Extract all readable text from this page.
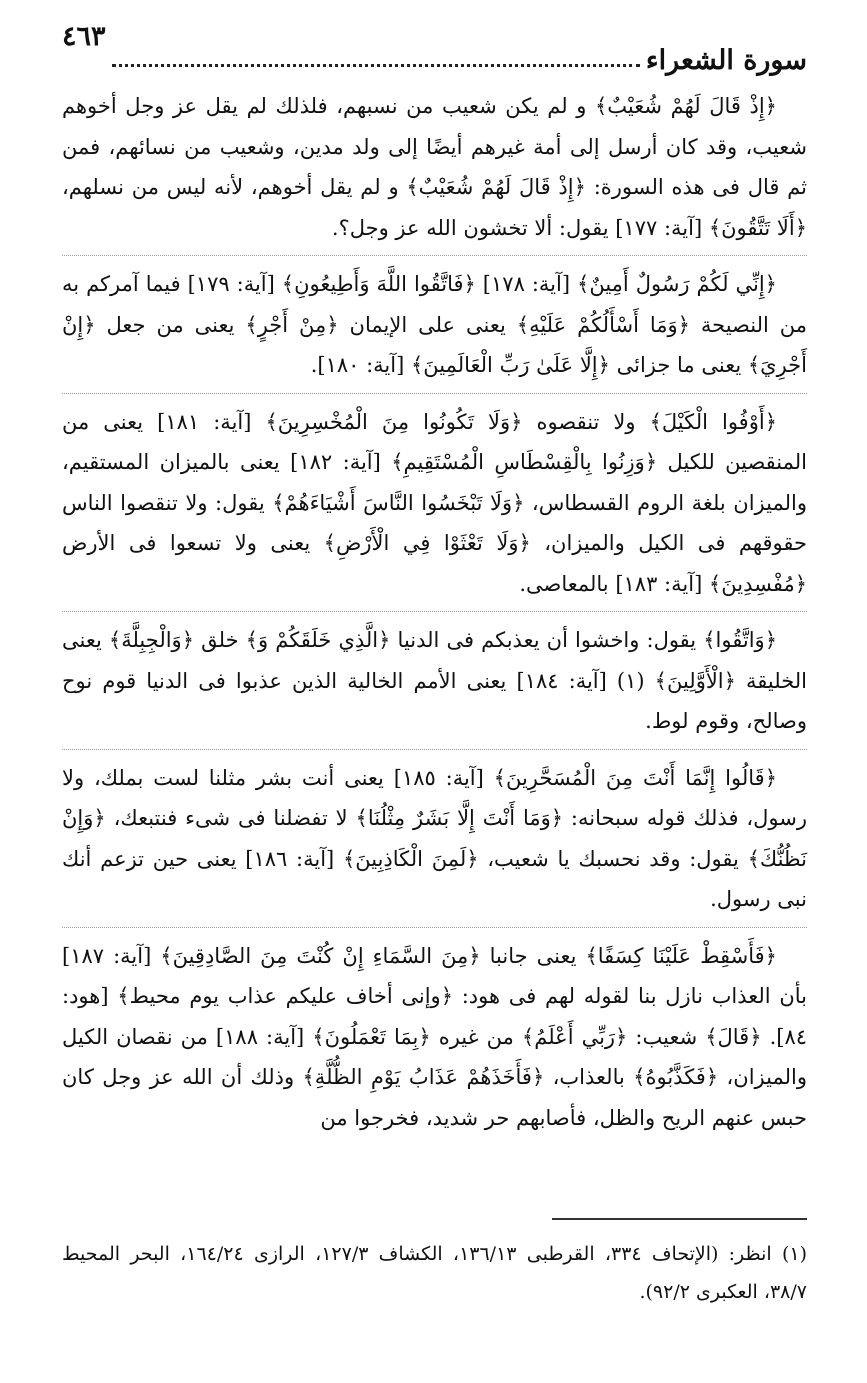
سورة الشعراء
٤٦٣

﴿إِذْ قَالَ لَهُمْ شُعَيْبٌ﴾ و لم يكن شعيب من نسبهم، فلذلك لم يقل عز وجل أخوهم شعيب، وقد كان أرسل إلى أمة غيرهم أيضًا إلى ولد مدين، وشعيب من نسائهم، فمن ثم قال فى هذه السورة: ﴿إِذْ قَالَ لَهُمْ شُعَيْبٌ﴾ و لم يقل أخوهم، لأنه ليس من نسلهم، ﴿أَلَا تَتَّقُونَ﴾ [آية: ١٧٧] يقول: ألا تخشون الله عز وجل؟.

﴿إِنِّي لَكُمْ رَسُولٌ أَمِينٌ﴾ [آية: ١٧٨] ﴿فَاتَّقُوا اللَّهَ وَأَطِيعُونِ﴾ [آية: ١٧٩] فيما آمركم به من النصيحة ﴿وَمَا أَسْأَلُكُمْ عَلَيْهِ﴾ يعنى على الإيمان ﴿مِنْ أَجْرٍ﴾ يعنى من جعل ﴿إِنْ أَجْرِيَ﴾ يعنى ما جزائى ﴿إِلَّا عَلَىٰ رَبِّ الْعَالَمِينَ﴾ [آية: ١٨٠].

﴿أَوْفُوا الْكَيْلَ﴾ ولا تنقصوه ﴿وَلَا تَكُونُوا مِنَ الْمُخْسِرِينَ﴾ [آية: ١٨١] يعنى من المنقصين للكيل ﴿وَزِنُوا بِالْقِسْطَاسِ الْمُسْتَقِيمِ﴾ [آية: ١٨٢] يعنى بالميزان المستقيم، والميزان بلغة الروم القسطاس، ﴿وَلَا تَبْخَسُوا النَّاسَ أَشْيَاءَهُمْ﴾ يقول: ولا تنقصوا الناس حقوقهم فى الكيل والميزان، ﴿وَلَا تَعْثَوْا فِي الْأَرْضِ﴾ يعنى ولا تسعوا فى الأرض ﴿مُفْسِدِينَ﴾ [آية: ١٨٣] بالمعاصى.

﴿وَاتَّقُوا﴾ يقول: واخشوا أن يعذبكم فى الدنيا ﴿الَّذِي خَلَقَكُمْ وَ﴾ خلق ﴿وَالْجِبِلَّةَ﴾ يعنى الخليقة ﴿الْأَوَّلِينَ﴾ (١) [آية: ١٨٤] يعنى الأمم الخالية الذين عذبوا فى الدنيا قوم نوح وصالح، وقوم لوط.

﴿قَالُوا إِنَّمَا أَنْتَ مِنَ الْمُسَحَّرِينَ﴾ [آية: ١٨٥] يعنى أنت بشر مثلنا لست بملك، ولا رسول، فذلك قوله سبحانه: ﴿وَمَا أَنْتَ إِلَّا بَشَرٌ مِثْلُنَا﴾ لا تفضلنا فى شىء فنتبعك، ﴿وَإِنْ نَظُنُّكَ﴾ يقول: وقد نحسبك يا شعيب، ﴿لَمِنَ الْكَاذِبِينَ﴾ [آية: ١٨٦] يعنى حين تزعم أنك نبى رسول.

﴿فَأَسْقِطْ عَلَيْنَا كِسَفًا﴾ يعنى جانبا ﴿مِنَ السَّمَاءِ إِنْ كُنْتَ مِنَ الصَّادِقِينَ﴾ [آية: ١٨٧] بأن العذاب نازل بنا لقوله لهم فى هود: ﴿وإنى أخاف عليكم عذاب يوم محيط﴾ [هود: ٨٤]. ﴿قَالَ﴾ شعيب: ﴿رَبِّي أَعْلَمُ﴾ من غيره ﴿بِمَا تَعْمَلُونَ﴾ [آية: ١٨٨] من نقصان الكيل والميزان، ﴿فَكَذَّبُوهُ﴾ بالعذاب، ﴿فَأَخَذَهُمْ عَذَابُ يَوْمِ الظُّلَّةِ﴾ وذلك أن الله عز وجل كان حبس عنهم الريح والظل، فأصابهم حر شديد، فخرجوا من

(١) انظر: (الإتحاف ٣٣٤، القرطبى ١٣٦/١٣، الكشاف ١٢٧/٣، الرازى ١٦٤/٢٤، البحر المحيط ٣٨/٧، العكبرى ٩٢/٢).
